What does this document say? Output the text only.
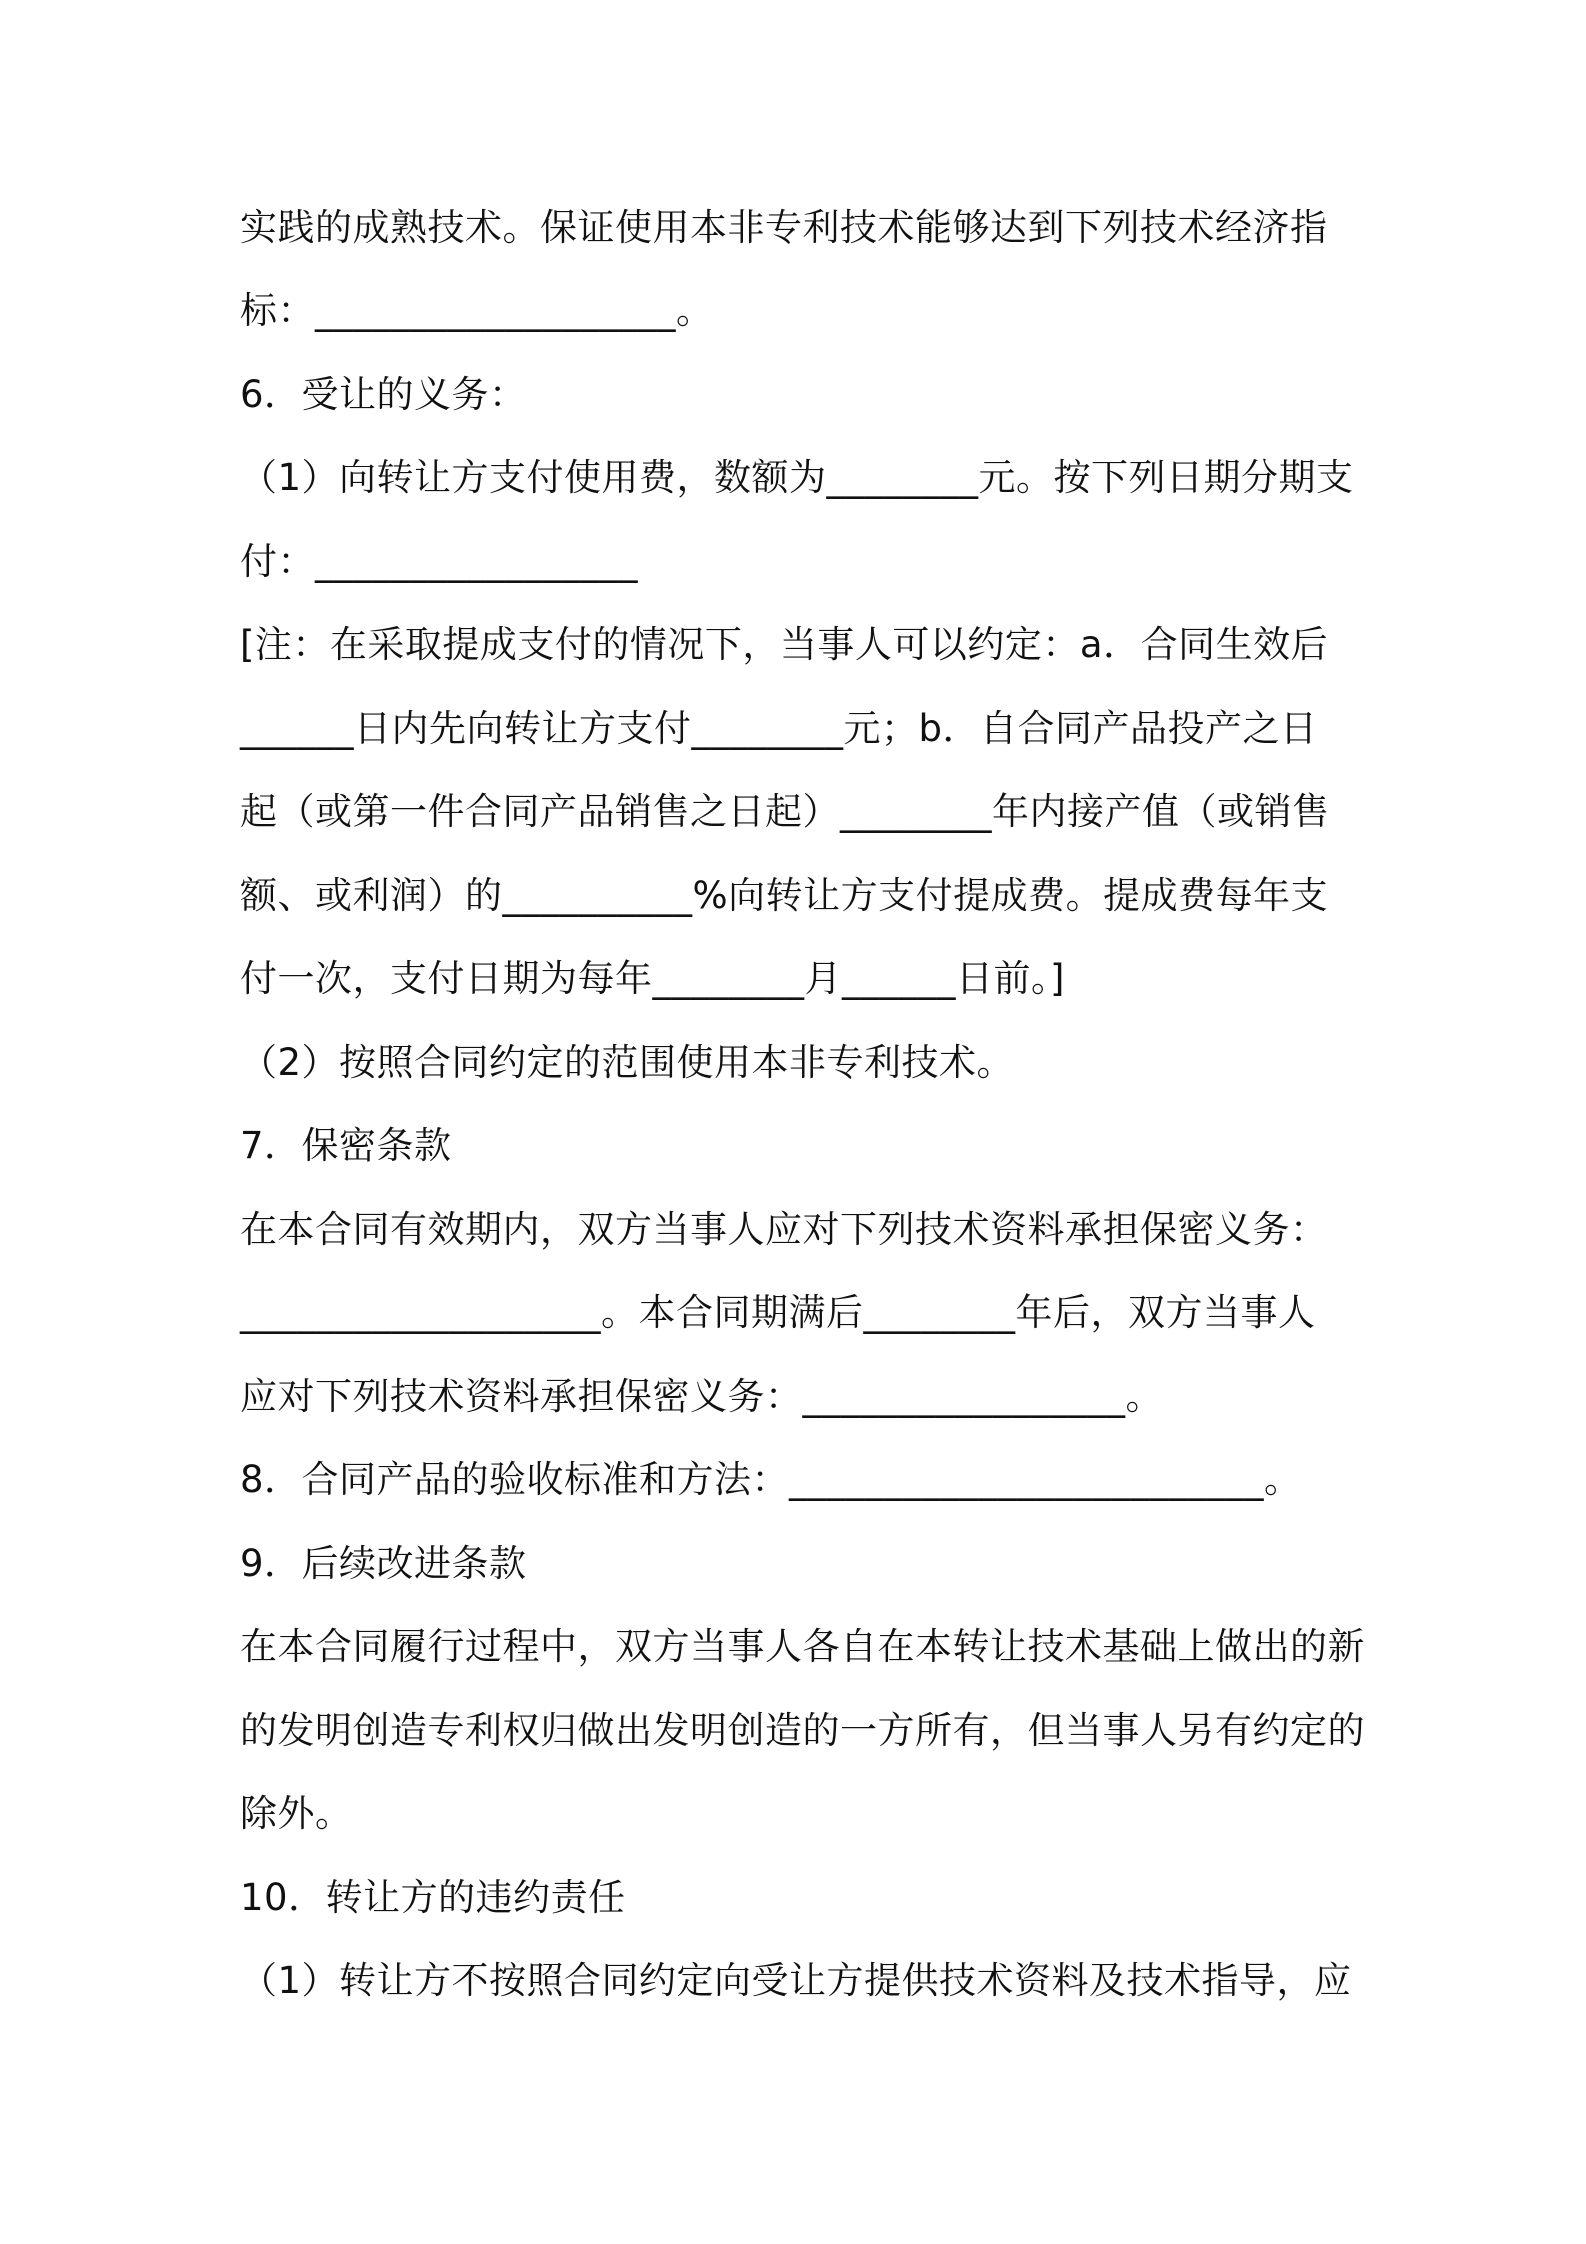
实践的成熟技术。保证使用本非专利技术能够达到下列技术经济指
标：___________________。
6．受让的义务：
（1）向转让方支付使用费，数额为________元。按下列日期分期支
付：_________________
[注：在采取提成支付的情况下，当事人可以约定：a．合同生效后
______日内先向转让方支付________元；b．自合同产品投产之日
起（或第一件合同产品销售之日起）________年内接产值（或销售
额、或利润）的__________%向转让方支付提成费。提成费每年支
付一次，支付日期为每年________月______日前。]
（2）按照合同约定的范围使用本非专利技术。
7．保密条款
在本合同有效期内，双方当事人应对下列技术资料承担保密义务：
___________________。本合同期满后________年后，双方当事人
应对下列技术资料承担保密义务：_________________。
8．合同产品的验收标准和方法：_________________________。
9．后续改进条款
在本合同履行过程中，双方当事人各自在本转让技术基础上做出的新
的发明创造专利权归做出发明创造的一方所有，但当事人另有约定的
除外。
10．转让方的违约责任
（1）转让方不按照合同约定向受让方提供技术资料及技术指导，应
